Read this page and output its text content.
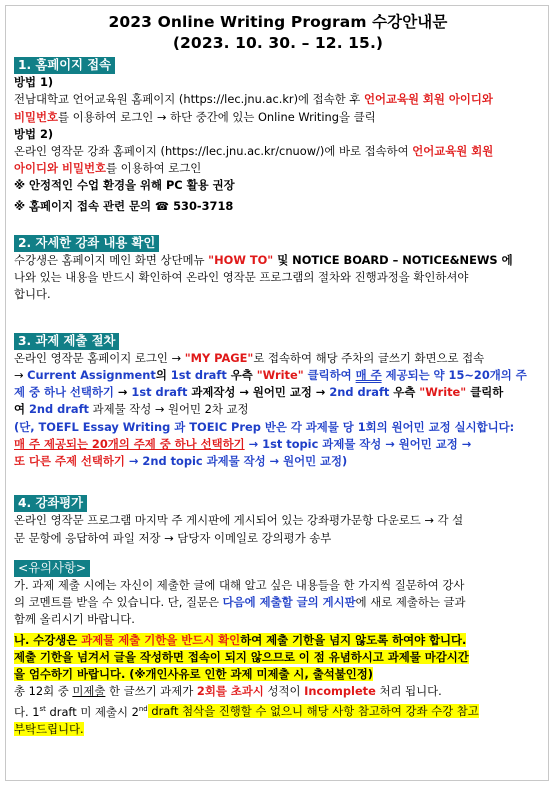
2023 Online Writing Program 수강안내문

(2023. 10. 30. – 12. 15.)

1. 홈페이지 접속

방법 1)

전남대학교 언어교육원 홈페이지 (https://lec.jnu.ac.kr)에 접속한 후 언어교육원 회원 아이디와
비밀번호를 이용하여 로그인 → 하단 중간에 있는 Online Writing을 클릭

방법 2)

온라인 영작문 강좌 홈페이지 (https://lec.jnu.ac.kr/cnuow/)에 바로 접속하여 언어교육원 회원
아이디와 비밀번호를 이용하여 로그인

※ 안정적인 수업 환경을 위해 PC 활용 권장

※ 홈페이지 접속 관련 문의 ☎ 530-3718

2. 자세한 강좌 내용 확인

수강생은 홈페이지 메인 화면 상단메뉴 "HOW TO" 및 NOTICE BOARD – NOTICE&NEWS 에
나와 있는 내용을 반드시 확인하여 온라인 영작문 프로그램의 절차와 진행과정을 확인하셔야
합니다.

3. 과제 제출 절차

온라인 영작문 홈페이지 로그인 → "MY PAGE"로 접속하여 해당 주차의 글쓰기 화면으로 접속
→ Current Assignment의 1st draft 우측 "Write" 클릭하여 매 주 제공되는 약 15~20개의 주
제 중 하나 선택하기 → 1st draft 과제작성 → 원어민 교정 → 2nd draft 우측 "Write" 클릭하
여 2nd draft 과제물 작성 → 원어민 2차 교정
(단, TOEFL Essay Writing 과 TOEIC Prep 반은 각 과제물 당 1회의 원어민 교정 실시합니다:
매 주 제공되는 20개의 주제 중 하나 선택하기 → 1st topic 과제물 작성 → 원어민 교정 →
또 다른 주제 선택하기 → 2nd topic 과제물 작성 → 원어민 교정)

4. 강좌평가

온라인 영작문 프로그램 마지막 주 게시판에 게시되어 있는 강좌평가문항 다운로드 → 각 설
문 문항에 응답하여 파일 저장 → 담당자 이메일로 강의평가 송부

<유의사항>

가. 과제 제출 시에는 자신이 제출한 글에 대해 알고 싶은 내용들을 한 가지씩 질문하여 강사
의 코멘트를 받을 수 있습니다. 단, 질문은 다음에 제출할 글의 게시판에 새로 제출하는 글과
함께 올리시기 바랍니다.

나. 수강생은 과제물 제출 기한을 반드시 확인하여 제출 기한을 넘지 않도록 하여야 합니다.
제출 기한을 넘겨서 글을 작성하면 접속이 되지 않으므로 이 점 유념하시고 과제물 마감시간
을 엄수하기 바랍니다. (※개인사유로 인한 과제 미제출 시, 출석불인정)

총 12회 중 미제출 한 글쓰기 과제가 2회를 초과시 성적이 Incomplete 처리 됩니다.

다. 1st draft 미 제출시 2nd draft 첨삭을 진행할 수 없으니 해당 사항 참고하여 강좌 수강 참고
부탁드립니다.
